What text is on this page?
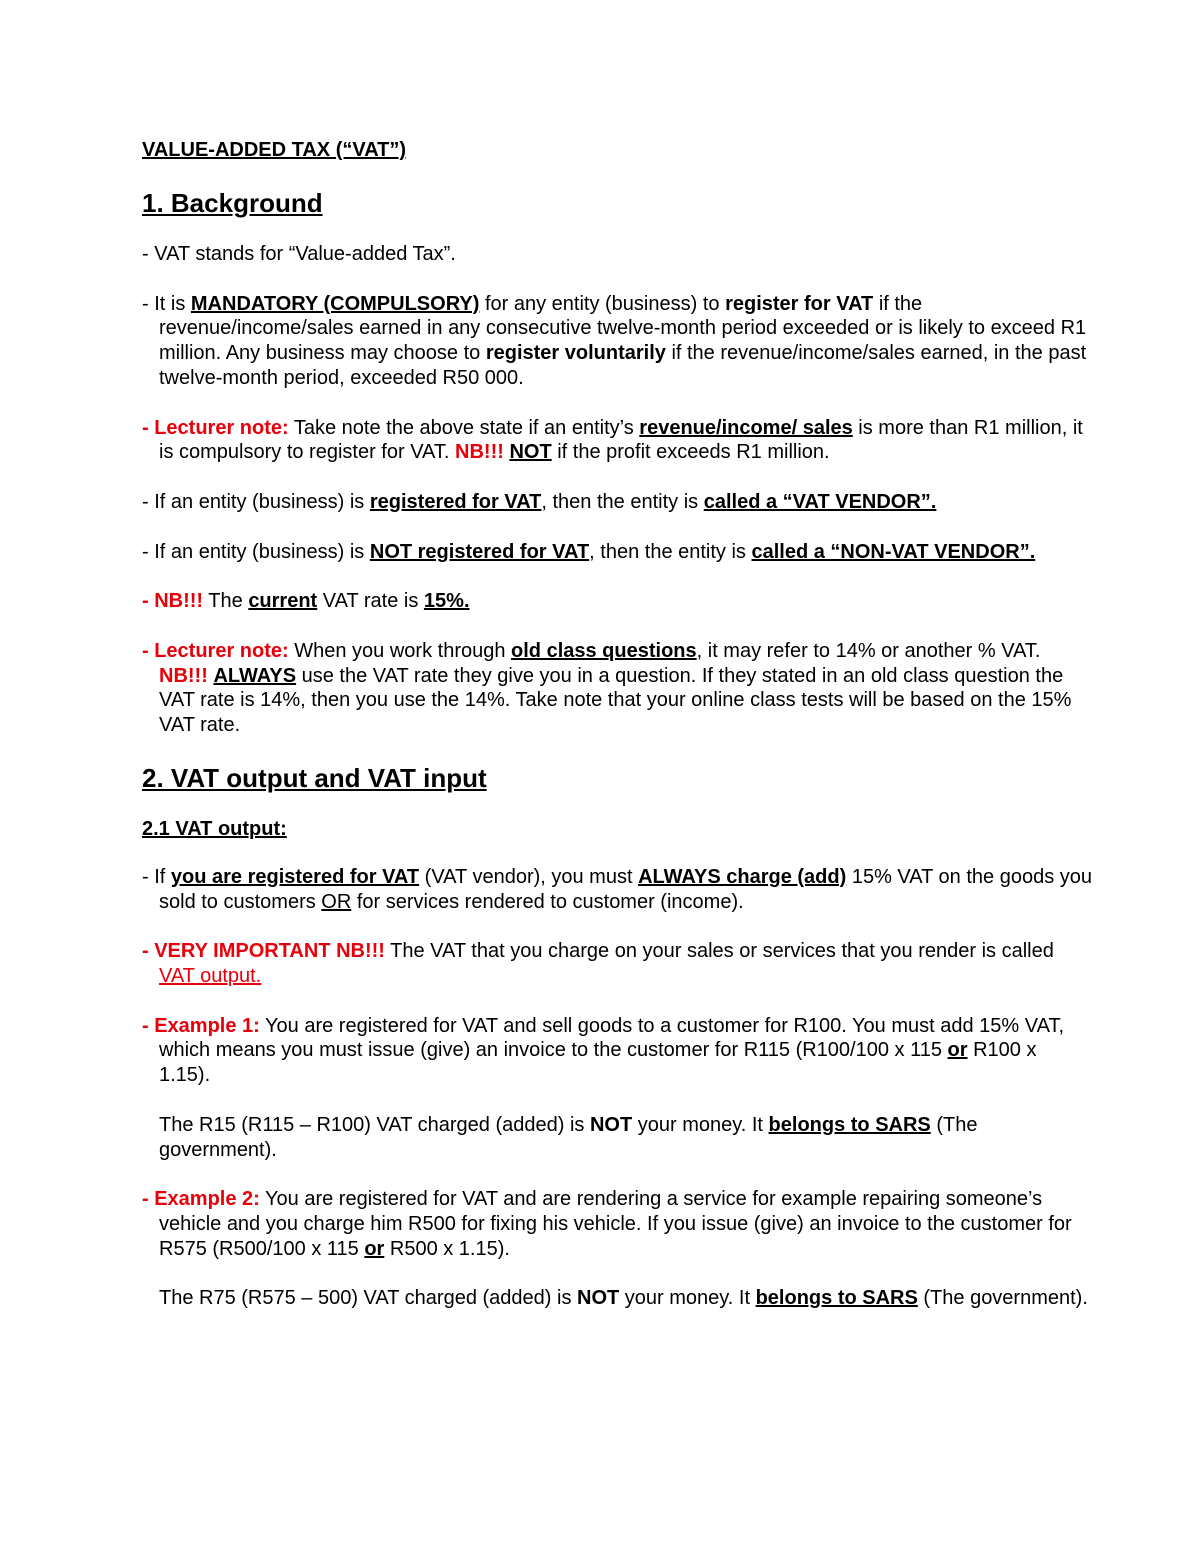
VALUE-ADDED TAX (“VAT”)
1. Background

- VAT stands for “Value-added Tax”.

- It is MANDATORY (COMPULSORY) for any entity (business) to register for VAT if the revenue/income/sales earned in any consecutive twelve-month period exceeded or is likely to exceed R1 million. Any business may choose to register voluntarily if the revenue/income/sales earned, in the past twelve-month period, exceeded R50 000.

- Lecturer note: Take note the above state if an entity’s revenue/income/ sales is more than R1 million, it is compulsory to register for VAT. NB!!! NOT if the profit exceeds R1 million.

- If an entity (business) is registered for VAT, then the entity is called a “VAT VENDOR”.

- If an entity (business) is NOT registered for VAT, then the entity is called a “NON-VAT VENDOR”.

- NB!!! The current VAT rate is 15%.

- Lecturer note: When you work through old class questions, it may refer to 14% or another % VAT. NB!!! ALWAYS use the VAT rate they give you in a question. If they stated in an old class question the VAT rate is 14%, then you use the 14%. Take note that your online class tests will be based on the 15% VAT rate.

2. VAT output and VAT input
2.1 VAT output:

- If you are registered for VAT (VAT vendor), you must ALWAYS charge (add) 15% VAT on the goods you sold to customers OR for services rendered to customer (income).

- VERY IMPORTANT NB!!! The VAT that you charge on your sales or services that you render is called VAT output.

- Example 1: You are registered for VAT and sell goods to a customer for R100. You must add 15% VAT, which means you must issue (give) an invoice to the customer for R115 (R100/100 x 115 or R100 x 1.15).

The R15 (R115 – R100) VAT charged (added) is NOT your money. It belongs to SARS (The government).

- Example 2: You are registered for VAT and are rendering a service for example repairing someone’s vehicle and you charge him R500 for fixing his vehicle. If you issue (give) an invoice to the customer for R575 (R500/100 x 115 or R500 x 1.15).

The R75 (R575 – 500) VAT charged (added) is NOT your money. It belongs to SARS (The government).
